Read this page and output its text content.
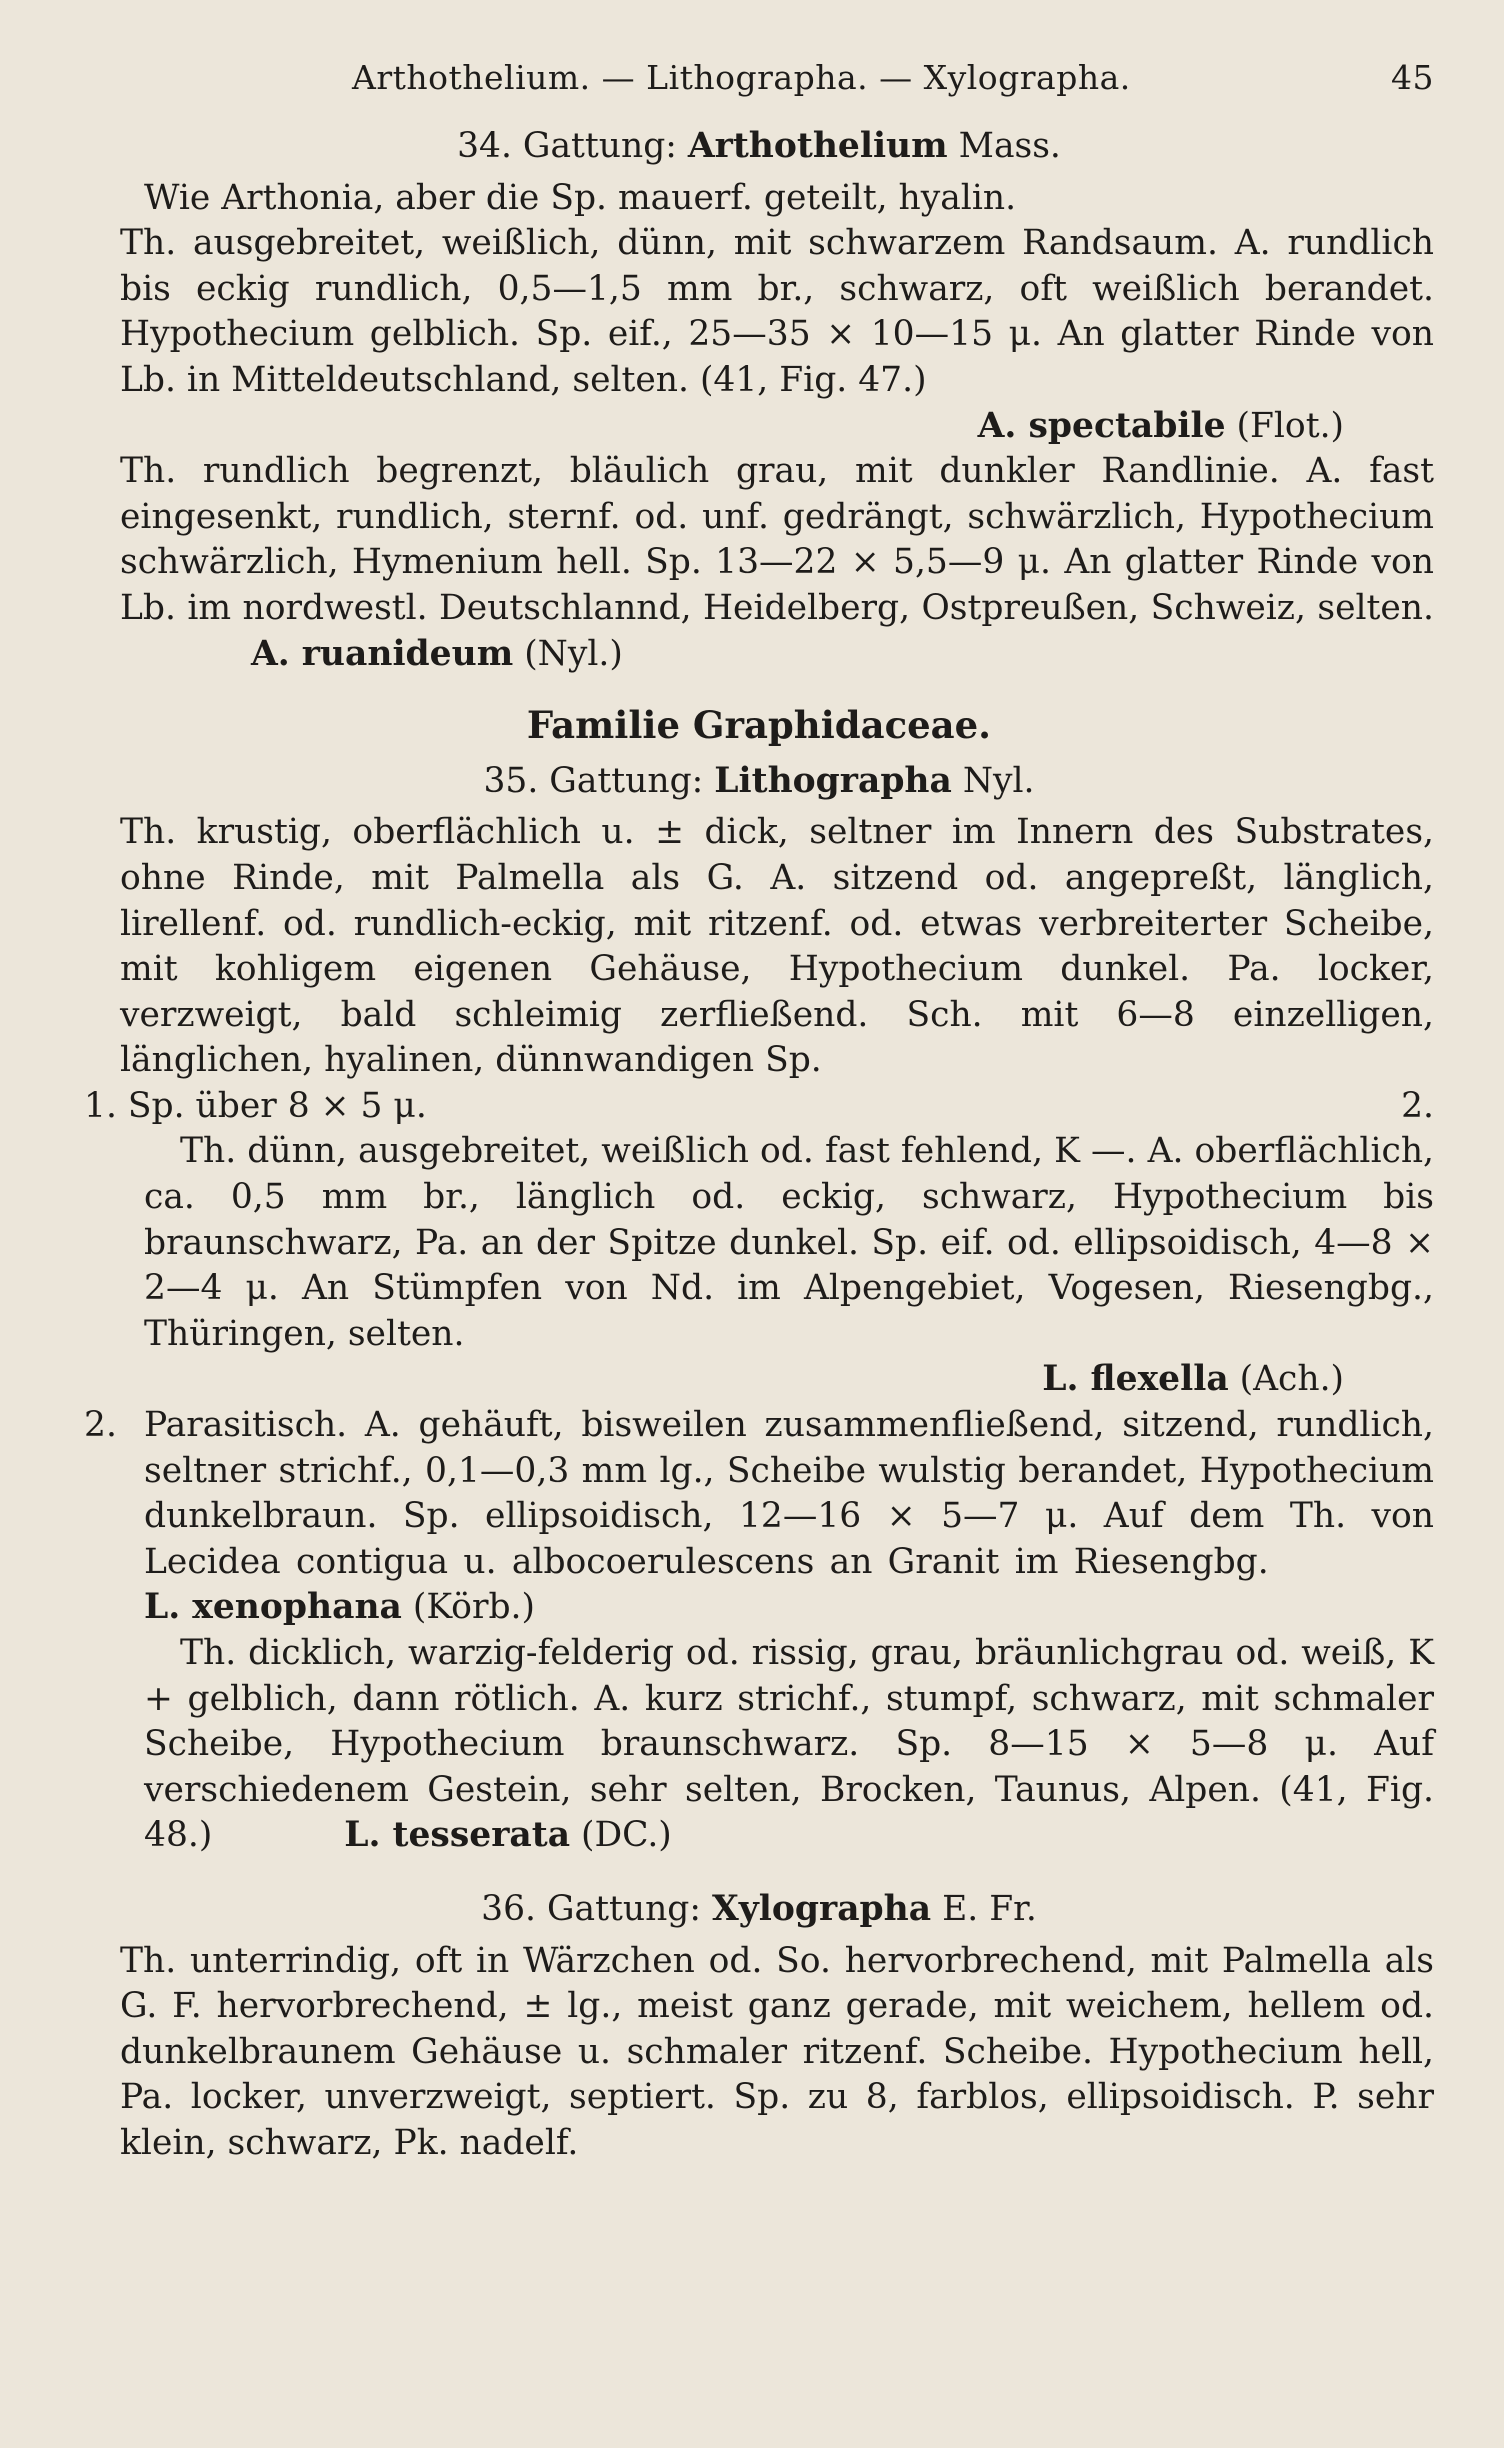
Arthothelium. — Lithographa. — Xylographa.	45
34. Gattung: Arthothelium Mass.
Wie Arthonia, aber die Sp. mauerf. geteilt, hyalin.
Th. ausgebreitet, weißlich, dünn, mit schwarzem Randsaum. A. rundlich bis eckig rundlich, 0,5—1,5 mm br., schwarz, oft weißlich berandet. Hypothecium gelblich. Sp. eif., 25—35 × 10—15 μ. An glatter Rinde von Lb. in Mitteldeutschland, selten. (41, Fig. 47.)
A. spectabile (Flot.)
Th. rundlich begrenzt, bläulich grau, mit dunkler Randlinie. A. fast eingesenkt, rundlich, sternf. od. unf. gedrängt, schwärzlich, Hypothecium schwärzlich, Hymenium hell. Sp. 13—22 × 5,5—9 μ. An glatter Rinde von Lb. im nordwestl. Deutschlannd, Heidelberg, Ostpreußen, Schweiz, selten.  A. ruanideum (Nyl.)
Familie Graphidaceae.
35. Gattung: Lithographa Nyl.
Th. krustig, oberflächlich u. ± dick, seltner im Innern des Substrates, ohne Rinde, mit Palmella als G. A. sitzend od. angepreßt, länglich, lirellenf. od. rundlich-eckig, mit ritzenf. od. etwas verbreiterter Scheibe, mit kohligem eigenen Gehäuse, Hypothecium dunkel. Pa. locker, verzweigt, bald schleimig zerfließend. Sch. mit 6—8 einzelligen, länglichen, hyalinen, dünnwandigen Sp.
1. Sp. über 8 × 5 μ.	2.
Th. dünn, ausgebreitet, weißlich od. fast fehlend, K —. A. oberflächlich, ca. 0,5 mm br., länglich od. eckig, schwarz, Hypothecium bis braunschwarz, Pa. an der Spitze dunkel. Sp. eif. od. ellipsoidisch, 4—8 × 2—4 μ. An Stümpfen von Nd. im Alpengebiet, Vogesen, Riesengbg., Thüringen, selten.
L. flexella (Ach.)
2. Parasitisch. A. gehäuft, bisweilen zusammenfließend, sitzend, rundlich, seltner strichf., 0,1—0,3 mm lg., Scheibe wulstig berandet, Hypothecium dunkelbraun. Sp. ellipsoidisch, 12—16 × 5—7 μ. Auf dem Th. von Lecidea contigua u. albocoerulescens an Granit im Riesengbg.  L. xenophana (Körb.)
Th. dicklich, warzig-felderig od. rissig, grau, bräunlichgrau od. weiß, K + gelblich, dann rötlich. A. kurz strichf., stumpf, schwarz, mit schmaler Scheibe, Hypothecium braunschwarz. Sp. 8—15 × 5—8 μ. Auf verschiedenem Gestein, sehr selten, Brocken, Taunus, Alpen. (41, Fig. 48.)	L. tesserata (DC.)
36. Gattung: Xylographa E. Fr.
Th. unterrindig, oft in Wärzchen od. So. hervorbrechend, mit Palmella als G. F. hervorbrechend, ± lg., meist ganz gerade, mit weichem, hellem od. dunkelbraunem Gehäuse u. schmaler ritzenf. Scheibe. Hypothecium hell, Pa. locker, unverzweigt, septiert. Sp. zu 8, farblos, ellipsoidisch. P. sehr klein, schwarz, Pk. nadelf.
